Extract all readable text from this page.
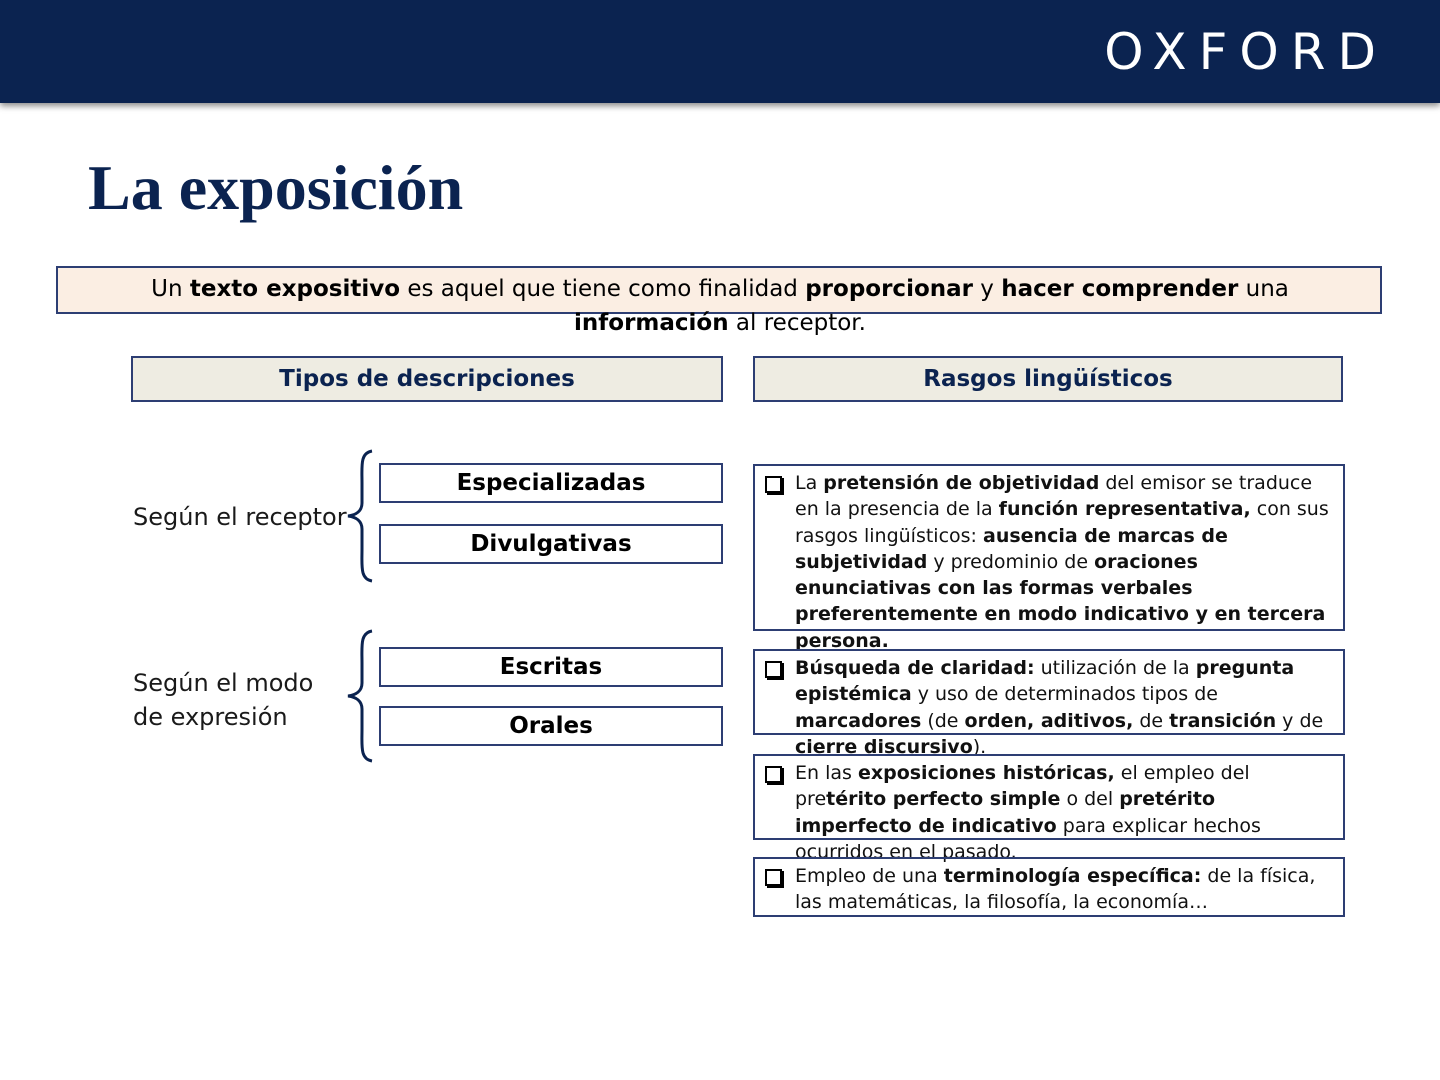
OXFORD
La exposición
Un texto expositivo es aquel que tiene como finalidad proporcionar y hacer comprender una información al receptor.
Tipos de descripciones	Rasgos lingüísticos
Según el receptor
Especializadas
Divulgativas
Según el modo
de expresión
Escritas
Orales
La pretensión de objetividad del emisor se traduce en la presencia de la función representativa, con sus rasgos lingüísticos: ausencia de marcas de subjetividad y predominio de oraciones enunciativas con las formas verbales preferentemente en modo indicativo y en tercera persona.
Búsqueda de claridad: utilización de la pregunta epistémica y uso de determinados tipos de marcadores (de orden, aditivos, de transición y de cierre discursivo).
En las exposiciones históricas, el empleo del pretérito perfecto simple o del pretérito imperfecto de indicativo para explicar hechos ocurridos en el pasado.
Empleo de una terminología específica: de la física, las matemáticas, la filosofía, la economía…
